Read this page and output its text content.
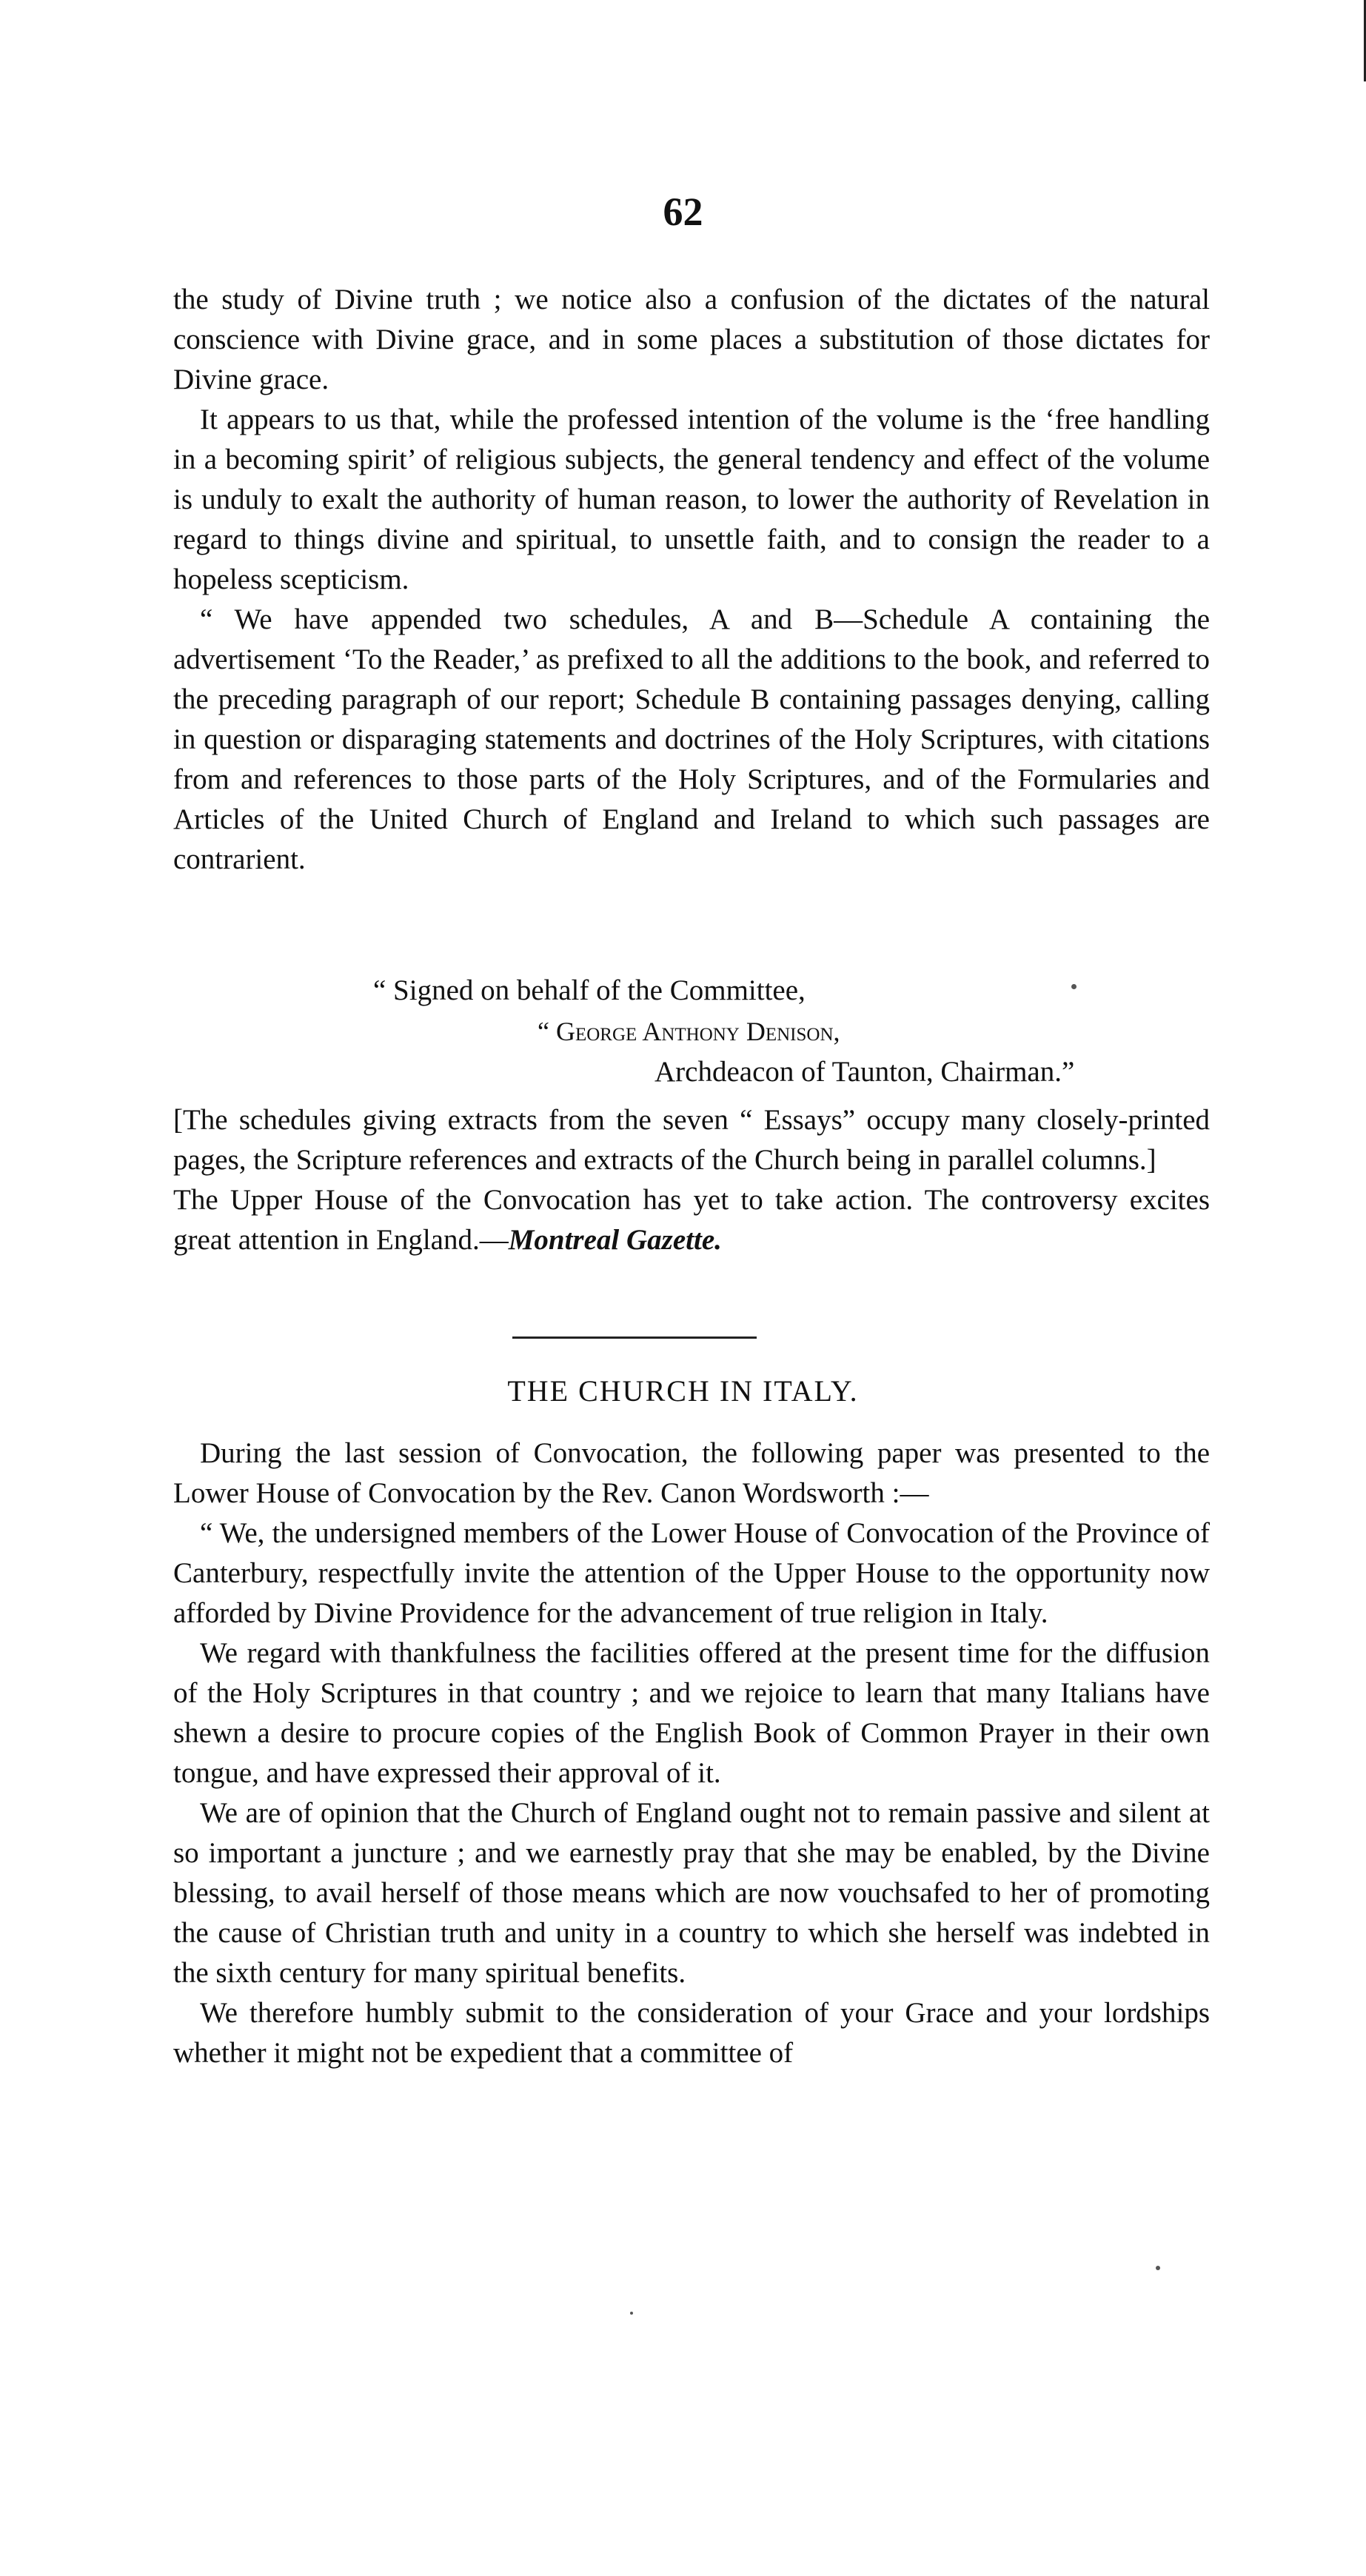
62

the study of Divine truth ; we notice also a confusion of the dictates of the natural conscience with Divine grace, and in some places a substitution of those dictates for Divine grace.

It appears to us that, while the professed intention of the volume is the ‘free handling in a becoming spirit’ of religious subjects, the general tendency and effect of the volume is unduly to exalt the authority of human reason, to lower the authority of Revelation in regard to things divine and spiritual, to unsettle faith, and to consign the reader to a hopeless scepticism.

“ We have appended two schedules, A and B—Schedule A containing the advertisement ‘To the Reader,’ as prefixed to all the additions to the book, and referred to the preceding paragraph of our report; Schedule B containing passages denying, calling in question or disparaging statements and doctrines of the Holy Scriptures, with citations from and references to those parts of the Holy Scriptures, and of the Formularies and Articles of the United Church of England and Ireland to which such passages are contrarient.

“ Signed on behalf of the Committee,
“ George Anthony Denison,
Archdeacon of Taunton, Chairman.”

[The schedules giving extracts from the seven “ Essays” occupy many closely-printed pages, the Scripture references and extracts of the Church being in parallel columns.]

The Upper House of the Convocation has yet to take action. The controversy excites great attention in England.—Montreal Gazette.

THE CHURCH IN ITALY.

During the last session of Convocation, the following paper was presented to the Lower House of Convocation by the Rev. Canon Wordsworth :—

“ We, the undersigned members of the Lower House of Convocation of the Province of Canterbury, respectfully invite the attention of the Upper House to the opportunity now afforded by Divine Providence for the advancement of true religion in Italy.

We regard with thankfulness the facilities offered at the present time for the diffusion of the Holy Scriptures in that country ; and we rejoice to learn that many Italians have shewn a desire to procure copies of the English Book of Common Prayer in their own tongue, and have expressed their approval of it.

We are of opinion that the Church of England ought not to remain passive and silent at so important a juncture ; and we earnestly pray that she may be enabled, by the Divine blessing, to avail herself of those means which are now vouchsafed to her of promoting the cause of Christian truth and unity in a country to which she herself was indebted in the sixth century for many spiritual benefits.

We therefore humbly submit to the consideration of your Grace and your lordships whether it might not be expedient that a committee of
